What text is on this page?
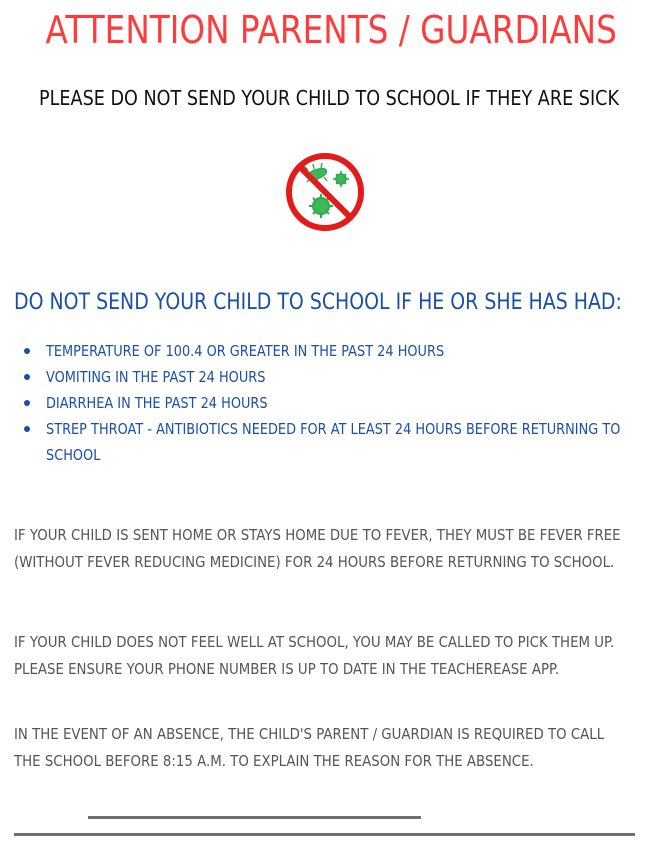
ATTENTION PARENTS / GUARDIANS
PLEASE DO NOT SEND YOUR CHILD TO SCHOOL IF THEY ARE SICK
DO NOT SEND YOUR CHILD TO SCHOOL IF HE OR SHE HAS HAD:
TEMPERATURE OF 100.4 OR GREATER IN THE PAST 24 HOURS
VOMITING IN THE PAST 24 HOURS
DIARRHEA IN THE PAST 24 HOURS
STREP THROAT - ANTIBIOTICS NEEDED FOR AT LEAST 24 HOURS BEFORE RETURNING TO SCHOOL
IF YOUR CHILD IS SENT HOME OR STAYS HOME DUE TO FEVER, THEY MUST BE FEVER FREE (WITHOUT FEVER REDUCING MEDICINE) FOR 24 HOURS BEFORE RETURNING TO SCHOOL.
IF YOUR CHILD DOES NOT FEEL WELL AT SCHOOL, YOU MAY BE CALLED TO PICK THEM UP. PLEASE ENSURE YOUR PHONE NUMBER IS UP TO DATE IN THE TEACHEREASE APP.
IN THE EVENT OF AN ABSENCE, THE CHILD'S PARENT / GUARDIAN IS REQUIRED TO CALL THE SCHOOL BEFORE 8:15 A.M. TO EXPLAIN THE REASON FOR THE ABSENCE.
